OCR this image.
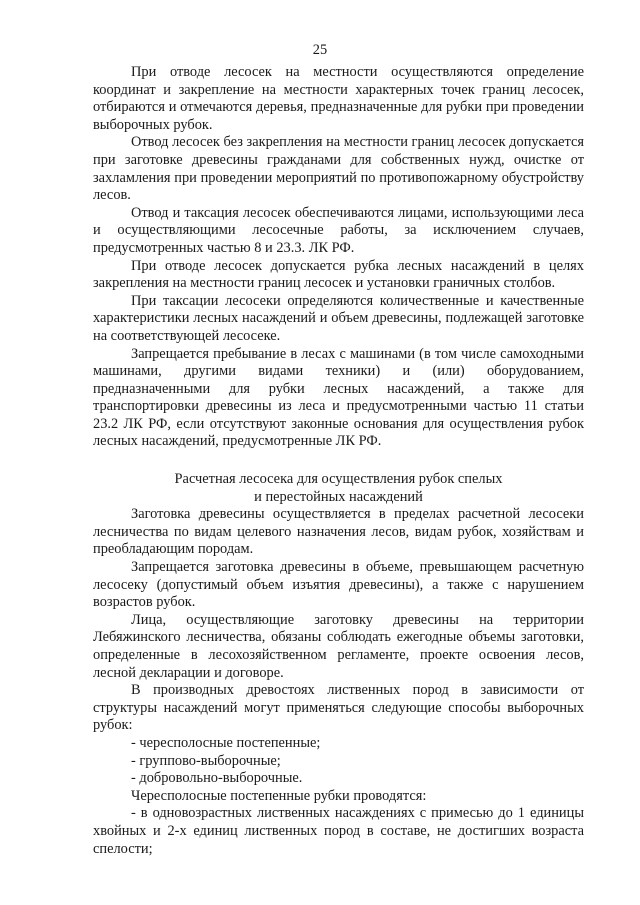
25

При отводе лесосек на местности осуществляются определение координат и закрепление на местности характерных точек границ лесосек, отбираются и отмечаются деревья, предназначенные для рубки при проведении выборочных рубок.

Отвод лесосек без закрепления на местности границ лесосек допускается при заготовке древесины гражданами для собственных нужд, очистке от захламления при проведении мероприятий по противопожарному обустройству лесов.

Отвод и таксация лесосек обеспечиваются лицами, использующими леса и осуществляющими лесосечные работы, за исключением случаев, предусмотренных частью 8 и 23.3. ЛК РФ.

При отводе лесосек допускается рубка лесных насаждений в целях закрепления на местности границ лесосек и установки граничных столбов.

При таксации лесосеки определяются количественные и качественные характеристики лесных насаждений и объем древесины, подлежащей заготовке на соответствующей лесосеке.

Запрещается пребывание в лесах с машинами (в том числе самоходными машинами, другими видами техники) и (или) оборудованием, предназначенными для рубки лесных насаждений, а также для транспортировки древесины из леса и предусмотренными частью 11 статьи 23.2 ЛК РФ, если отсутствуют законные основания для осуществления рубок лесных насаждений, предусмотренные ЛК РФ.

Расчетная лесосека для осуществления рубок спелых
и перестойных насаждений

Заготовка древесины осуществляется в пределах расчетной лесосеки лесничества по видам целевого назначения лесов, видам рубок, хозяйствам и преобладающим породам.

Запрещается заготовка древесины в объеме, превышающем расчетную лесосеку (допустимый объем изъятия древесины), а также с нарушением возрастов рубок.

Лица, осуществляющие заготовку древесины на территории Лебяжинского лесничества, обязаны соблюдать ежегодные объемы заготовки, определенные в лесохозяйственном регламенте, проекте освоения лесов, лесной декларации и договоре.

В производных древостоях лиственных пород в зависимости от структуры насаждений могут применяться следующие способы выборочных рубок:

- чересполосные постепенные;

- группово-выборочные;

- добровольно-выборочные.

Чересполосные постепенные рубки проводятся:

- в одновозрастных лиственных насаждениях с примесью до 1 единицы хвойных и 2-х единиц лиственных пород в составе, не достигших возраста спелости;
